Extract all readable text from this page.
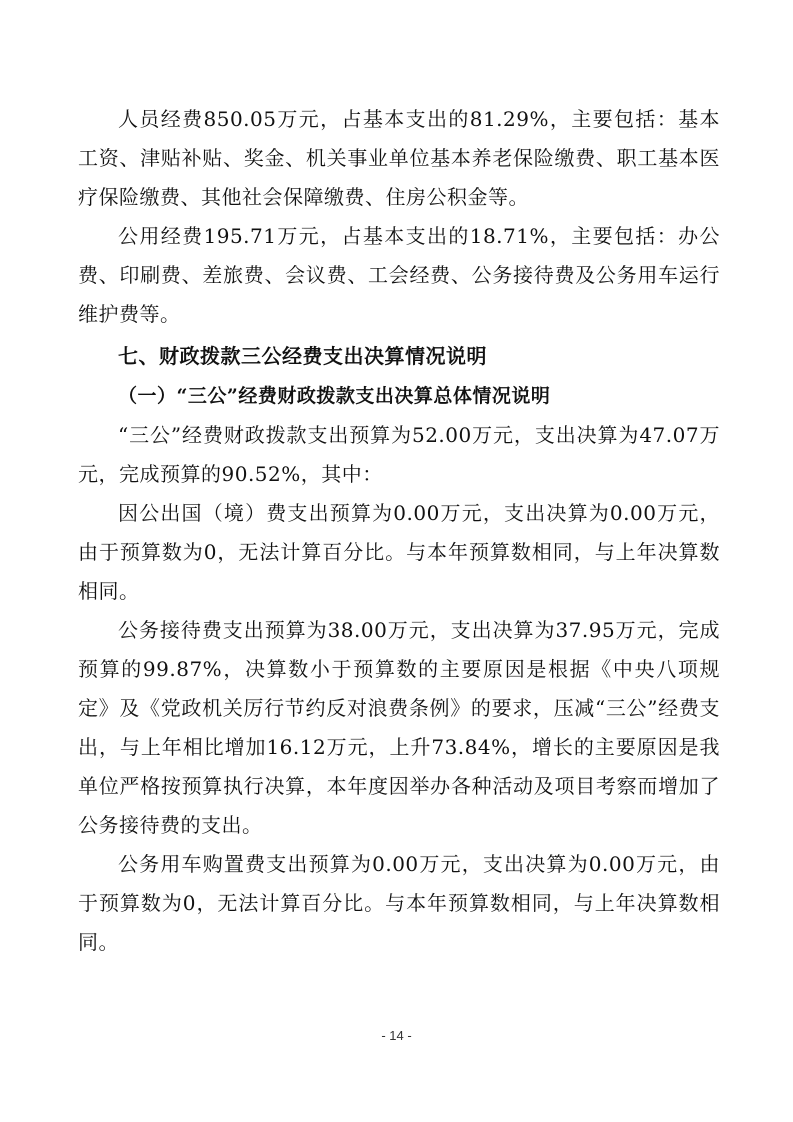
人员经费850.05万元，占基本支出的81.29%，主要包括：基本工资、津贴补贴、奖金、机关事业单位基本养老保险缴费、职工基本医疗保险缴费、其他社会保障缴费、住房公积金等。

公用经费195.71万元，占基本支出的18.71%，主要包括：办公费、印刷费、差旅费、会议费、工会经费、公务接待费及公务用车运行维护费等。

七、财政拨款三公经费支出决算情况说明
（一）“三公”经费财政拨款支出决算总体情况说明

“三公”经费财政拨款支出预算为52.00万元，支出决算为47.07万元，完成预算的90.52%，其中：

因公出国（境）费支出预算为0.00万元，支出决算为0.00万元，由于预算数为0，无法计算百分比。与本年预算数相同，与上年决算数相同。

公务接待费支出预算为38.00万元，支出决算为37.95万元，完成预算的99.87%，决算数小于预算数的主要原因是根据《中央八项规定》及《党政机关厉行节约反对浪费条例》的要求，压减“三公”经费支出，与上年相比增加16.12万元，上升73.84%，增长的主要原因是我单位严格按预算执行决算，本年度因举办各种活动及项目考察而增加了公务接待费的支出。

公务用车购置费支出预算为0.00万元，支出决算为0.00万元，由于预算数为0，无法计算百分比。与本年预算数相同，与上年决算数相同。

- 14 -
